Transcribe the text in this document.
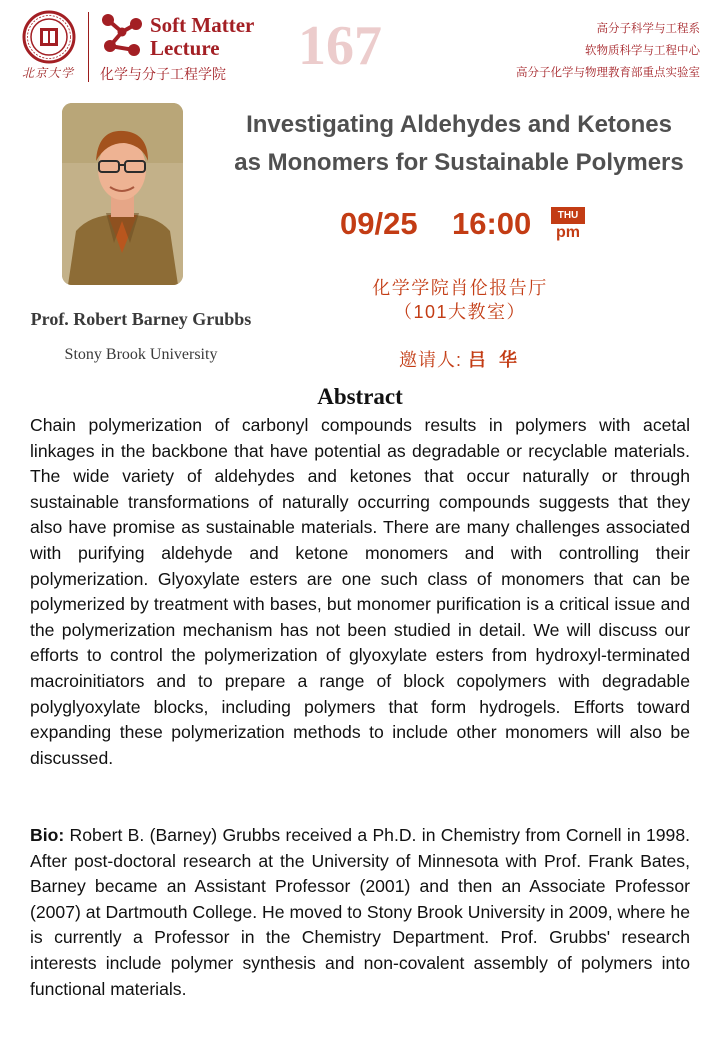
北京大学
Soft Matter
Lecture
化学与分子工程学院 167	高分子科学与工程系
软物质科学与工程中心
高分子化学与物理教育部重点实验室
Prof. Robert Barney Grubbs
Stony Brook University
Investigating Aldehydes and Ketones
as Monomers for Sustainable Polymers
09/25 16:00	THU
pm
化学学院肖伦报告厅
（101大教室）
邀请人: 吕 华
Abstract
Chain polymerization of carbonyl compounds results in polymers with acetal linkages in the backbone that have potential as degradable or recyclable materials. The wide variety of aldehydes and ketones that occur naturally or through sustainable transformations of naturally occurring compounds suggests that they also have promise as sustainable materials. There are many challenges associated with purifying aldehyde and ketone monomers and with controlling their polymerization. Glyoxylate esters are one such class of monomers that can be polymerized by treatment with bases, but monomer purification is a critical issue and the polymerization mechanism has not been studied in detail. We will discuss our efforts to control the polymerization of glyoxylate esters from hydroxyl-terminated macroinitiators and to prepare a range of block copolymers with degradable polyglyoxylate blocks, including polymers that form hydrogels. Efforts toward expanding these polymerization methods to include other monomers will also be discussed.
Bio: Robert B. (Barney) Grubbs received a Ph.D. in Chemistry from Cornell in 1998. After post-doctoral research at the University of Minnesota with Prof. Frank Bates, Barney became an Assistant Professor (2001) and then an Associate Professor (2007) at Dartmouth College. He moved to Stony Brook University in 2009, where he is currently a Professor in the Chemistry Department. Prof. Grubbs' research interests include polymer synthesis and non-covalent assembly of polymers into functional materials.
